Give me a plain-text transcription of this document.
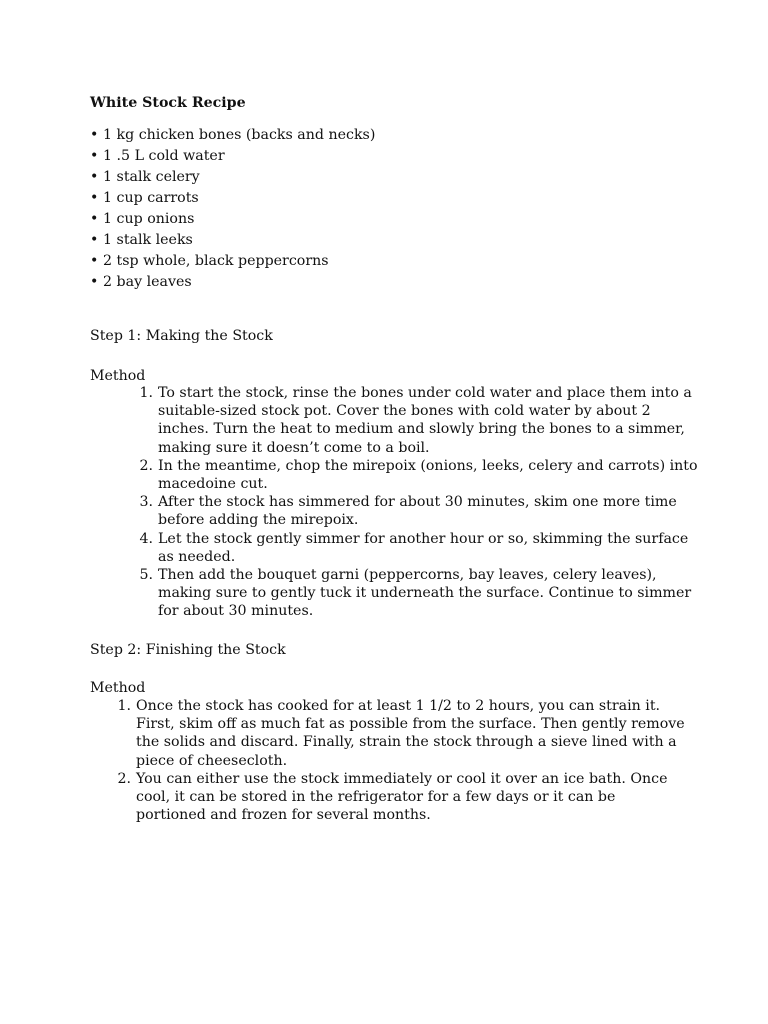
White Stock Recipe
• 1 kg chicken bones (backs and necks)
• 1 .5 L cold water
• 1 stalk celery
• 1 cup carrots
• 1 cup onions
• 1 stalk leeks
• 2 tsp whole, black peppercorns
• 2 bay leaves
Step 1: Making the Stock
Method
1. To start the stock, rinse the bones under cold water and place them into a suitable-sized stock pot. Cover the bones with cold water by about 2 inches. Turn the heat to medium and slowly bring the bones to a simmer, making sure it doesn’t come to a boil.
2. In the meantime, chop the mirepoix (onions, leeks, celery and carrots) into macedoine cut.
3. After the stock has simmered for about 30 minutes, skim one more time before adding the mirepoix.
4. Let the stock gently simmer for another hour or so, skimming the surface as needed.
5. Then add the bouquet garni (peppercorns, bay leaves, celery leaves), making sure to gently tuck it underneath the surface. Continue to simmer for about 30 minutes.
Step 2: Finishing the Stock
Method
1. Once the stock has cooked for at least 1 1/2 to 2 hours, you can strain it. First, skim off as much fat as possible from the surface. Then gently remove the solids and discard. Finally, strain the stock through a sieve lined with a piece of cheesecloth.
2. You can either use the stock immediately or cool it over an ice bath. Once cool, it can be stored in the refrigerator for a few days or it can be portioned and frozen for several months.
